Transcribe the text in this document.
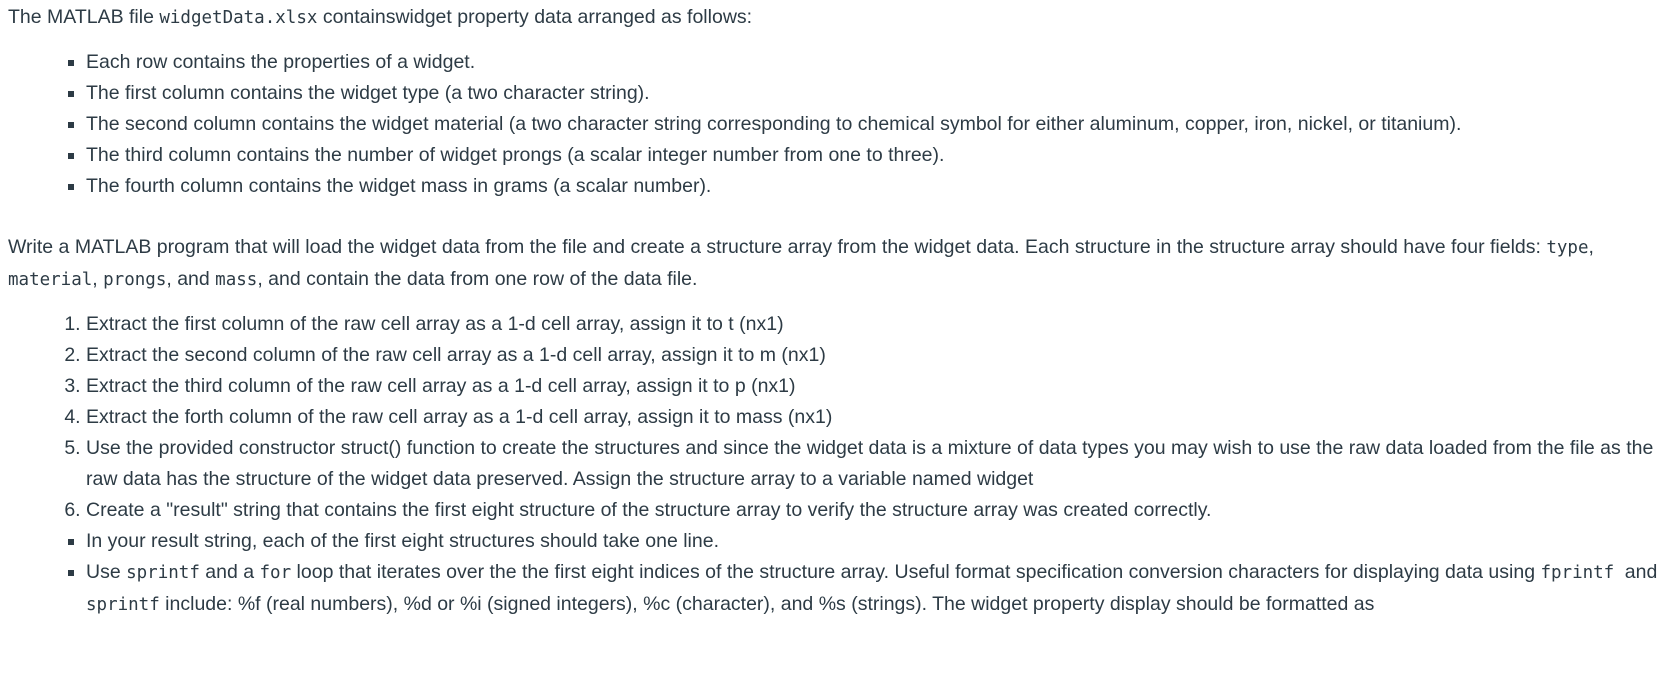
The MATLAB file widgetData.xlsx containswidget property data arranged as follows:

▪ Each row contains the properties of a widget.
▪ The first column contains the widget type (a two character string).
▪ The second column contains the widget material (a two character string corresponding to chemical symbol for either aluminum, copper, iron, nickel, or titanium).
▪ The third column contains the number of widget prongs (a scalar integer number from one to three).
▪ The fourth column contains the widget mass in grams (a scalar number).

Write a MATLAB program that will load the widget data from the file and create a structure array from the widget data. Each structure in the structure array should have four fields: type, material, prongs, and mass, and contain the data from one row of the data file.

1. Extract the first column of the raw cell array as a 1-d cell array, assign it to t (nx1)
2. Extract the second column of the raw cell array as a 1-d cell array, assign it to m (nx1)
3. Extract the third column of the raw cell array as a 1-d cell array, assign it to p (nx1)
4. Extract the forth column of the raw cell array as a 1-d cell array, assign it to mass (nx1)
5. Use the provided constructor struct() function to create the structures and since the widget data is a mixture of data types you may wish to use the raw data loaded from the file as the raw data has the structure of the widget data preserved. Assign the structure array to a variable named widget
6. Create a "result" string that contains the first eight structure of the structure array to verify the structure array was created correctly.
▪ In your result string, each of the first eight structures should take one line.
▪ Use sprintf and a for loop that iterates over the the first eight indices of the structure array. Useful format specification conversion characters for displaying data using fprintf and sprintf include: %f (real numbers), %d or %i (signed integers), %c (character), and %s (strings). The widget property display should be formatted as
